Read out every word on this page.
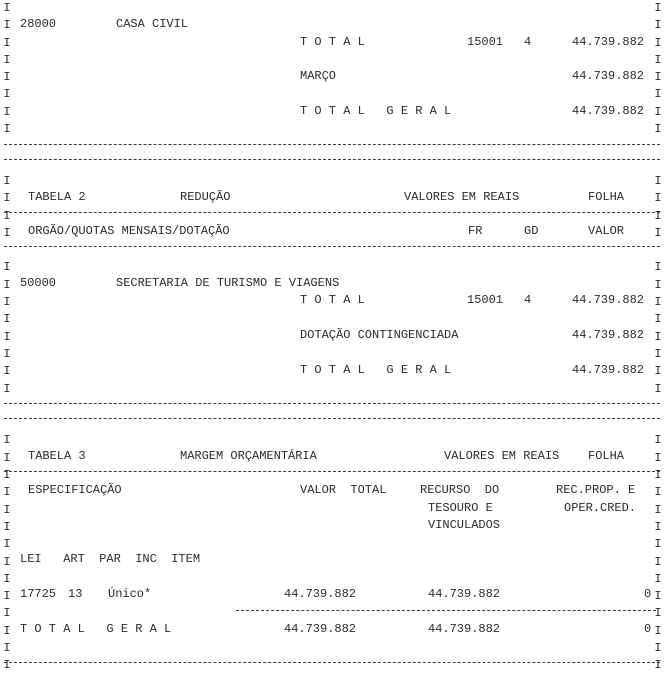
I
I
I
I
I
I
I
I

I
I
I
I

I
I
I
I
I
I
I
I

I
I
I
I
I
I
I
I
I
I
I
I
I
I
I
I
I
I
I
I
I
I

I
I
I
I

I
I
I
I
I
I
I
I

I
I
I
I
I
I
I
I
I
I
I
I
I
I
28000	CASA CIVIL
T O T A L	15001 4	44.739.882
MARÇO	44.739.882
T O T A L   G E R A L	44.739.882
TABELA 2	REDUÇÃO	VALORES EM REAIS	FOLHA
ORGÃO/QUOTAS MENSAIS/DOTAÇÃO	FR	GD	VALOR
50000	SECRETARIA DE TURISMO E VIAGENS
T O T A L	15001 4	44.739.882
DOTAÇÃO CONTINGENCIADA	44.739.882
T O T A L   G E R A L	44.739.882
TABELA 3	MARGEM ORÇAMENTÁRIA	VALORES EM REAIS FOLHA
ESPECIFICAÇÃO	VALOR  TOTAL	RECURSO  DO	REC.PROP. E
TESOURO E	OPER.CRED.
VINCULADOS
LEI   ART  PAR  INC  ITEM
17725 13 Único*	44.739.882	44.739.882	0
T O T A L   G E R A L	44.739.882	44.739.882	0
